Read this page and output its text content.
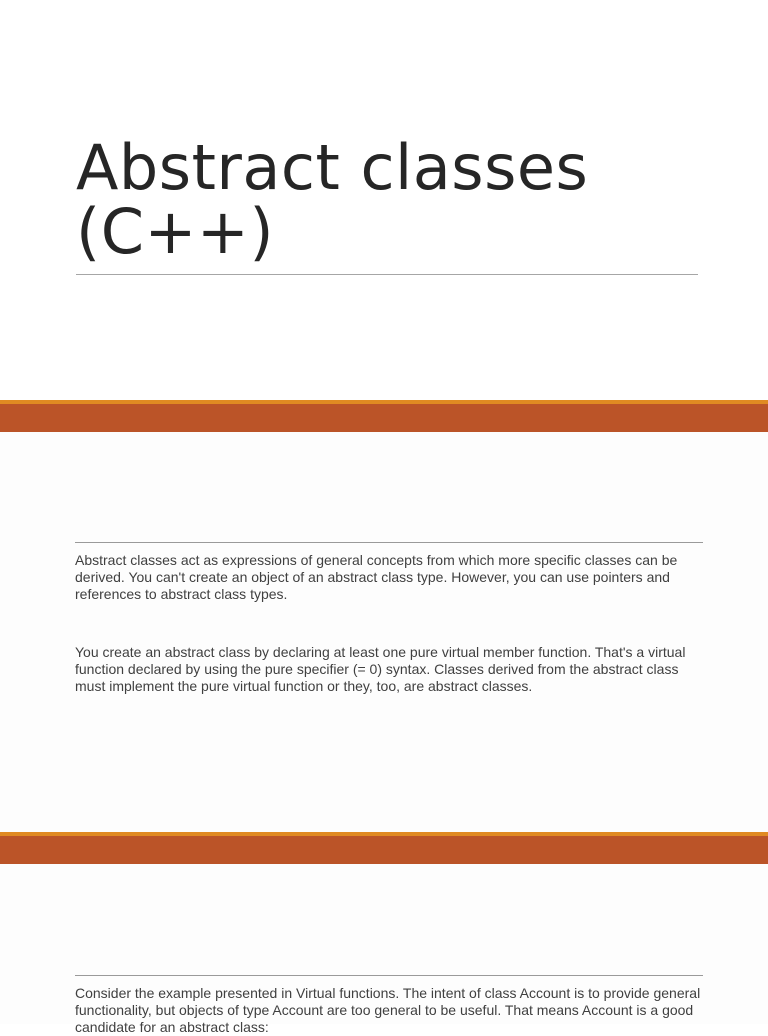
Abstract classes
(C++)

Abstract classes act as expressions of general concepts from which more specific classes can be derived. You can't create an object of an abstract class type. However, you can use pointers and references to abstract class types.

You create an abstract class by declaring at least one pure virtual member function. That's a virtual function declared by using the pure specifier (= 0) syntax. Classes derived from the abstract class must implement the pure virtual function or they, too, are abstract classes.

Consider the example presented in Virtual functions. The intent of class Account is to provide general functionality, but objects of type Account are too general to be useful. That means Account is a good candidate for an abstract class:
